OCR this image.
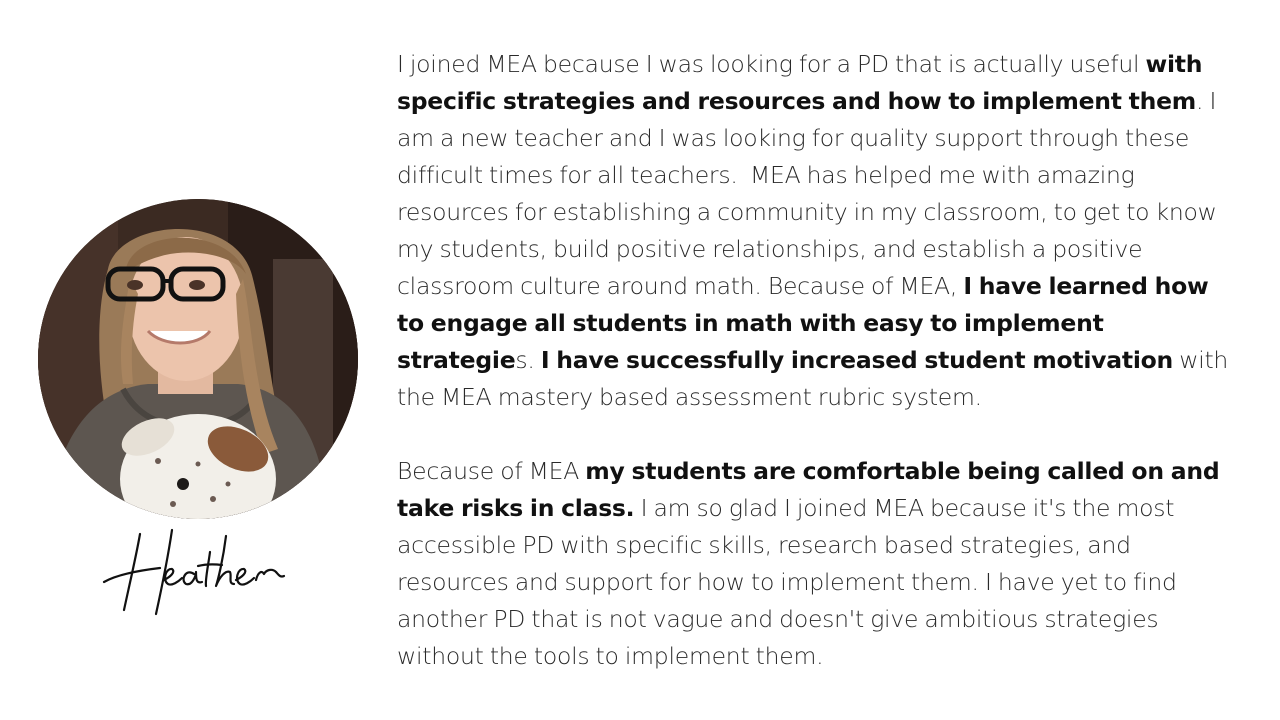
Heather

I joined MEA because I was looking for a PD that is actually useful with specific strategies and resources and how to implement them. I am a new teacher and I was looking for quality support through these difficult times for all teachers.  MEA has helped me with amazing resources for establishing a community in my classroom, to get to know my students, build positive relationships, and establish a positive classroom culture around math. Because of MEA, I have learned how to engage all students in math with easy to implement strategies. I have successfully increased student motivation with the MEA mastery based assessment rubric system.

Because of MEA my students are comfortable being called on and take risks in class. I am so glad I joined MEA because it's the most accessible PD with specific skills, research based strategies, and resources and support for how to implement them. I have yet to find another PD that is not vague and doesn't give ambitious strategies without the tools to implement them.
